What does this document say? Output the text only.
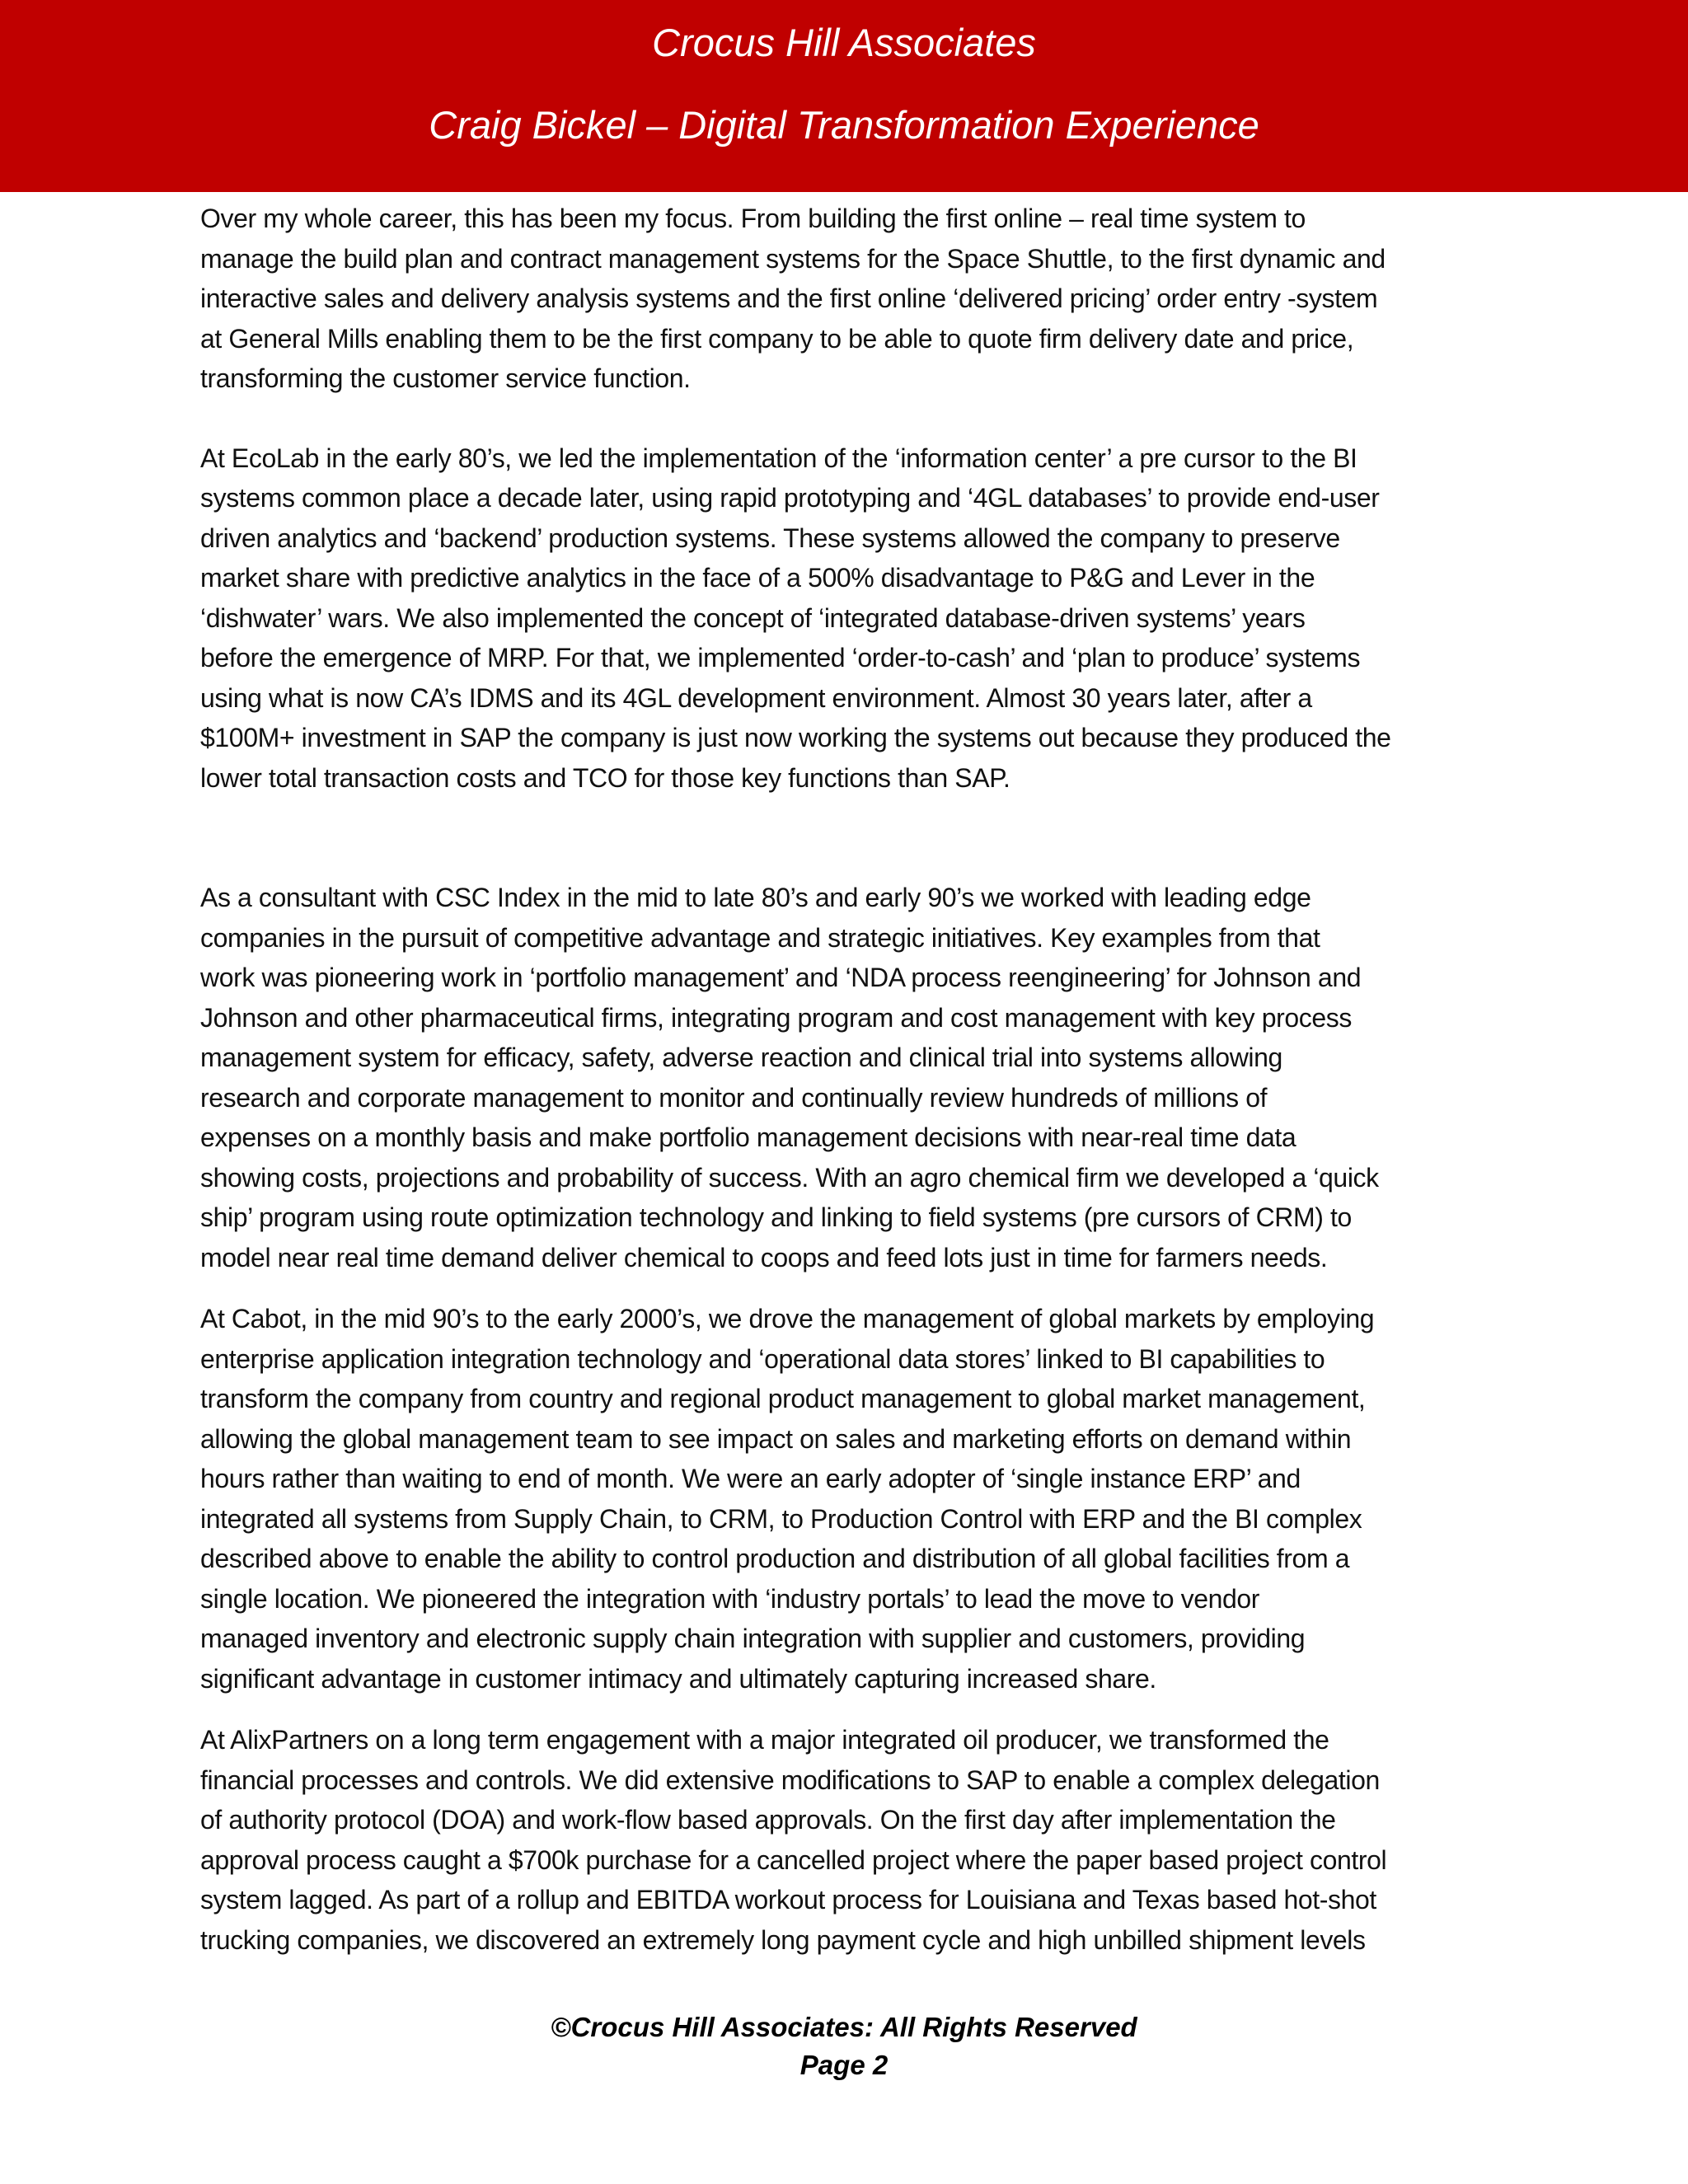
Crocus Hill Associates
Craig Bickel – Digital Transformation Experience

Over my whole career, this has been my focus. From building the first online – real time system to
manage the build plan and contract management systems for the Space Shuttle, to the first dynamic and
interactive sales and delivery analysis systems and the first online ‘delivered pricing’ order entry -system
at General Mills enabling them to be the first company to be able to quote firm delivery date and price,
transforming the customer service function.

At EcoLab in the early 80’s, we led the implementation of the ‘information center’ a pre cursor to the BI
systems common place a decade later, using rapid prototyping and ‘4GL databases’ to provide end-user
driven analytics and ‘backend’ production systems. These systems allowed the company to preserve
market share with predictive analytics in the face of a 500% disadvantage to P&G and Lever in the
‘dishwater’ wars. We also implemented the concept of ‘integrated database-driven systems’ years
before the emergence of MRP. For that, we implemented ‘order-to-cash’ and ‘plan to produce’ systems
using what is now CA’s IDMS and its 4GL development environment. Almost 30 years later, after a
$100M+ investment in SAP the company is just now working the systems out because they produced the
lower total transaction costs and TCO for those key functions than SAP.

As a consultant with CSC Index in the mid to late 80’s and early 90’s we worked with leading edge
companies in the pursuit of competitive advantage and strategic initiatives. Key examples from that
work was pioneering work in ‘portfolio management’ and ‘NDA process reengineering’ for Johnson and
Johnson and other pharmaceutical firms, integrating program and cost management with key process
management system for efficacy, safety, adverse reaction and clinical trial into systems allowing
research and corporate management to monitor and continually review hundreds of millions of
expenses on a monthly basis and make portfolio management decisions with near-real time data
showing costs, projections and probability of success. With an agro chemical firm we developed a ‘quick
ship’ program using route optimization technology and linking to field systems (pre cursors of CRM) to
model near real time demand deliver chemical to coops and feed lots just in time for farmers needs.

At Cabot, in the mid 90’s to the early 2000’s, we drove the management of global markets by employing
enterprise application integration technology and ‘operational data stores’ linked to BI capabilities to
transform the company from country and regional product management to global market management,
allowing the global management team to see impact on sales and marketing efforts on demand within
hours rather than waiting to end of month. We were an early adopter of ‘single instance ERP’ and
integrated all systems from Supply Chain, to CRM, to Production Control with ERP and the BI complex
described above to enable the ability to control production and distribution of all global facilities from a
single location. We pioneered the integration with ‘industry portals’ to lead the move to vendor
managed inventory and electronic supply chain integration with supplier and customers, providing
significant advantage in customer intimacy and ultimately capturing increased share.

At AlixPartners on a long term engagement with a major integrated oil producer, we transformed the
financial processes and controls. We did extensive modifications to SAP to enable a complex delegation
of authority protocol (DOA) and work-flow based approvals. On the first day after implementation the
approval process caught a $700k purchase for a cancelled project where the paper based project control
system lagged. As part of a rollup and EBITDA workout process for Louisiana and Texas based hot-shot
trucking companies, we discovered an extremely long payment cycle and high unbilled shipment levels

©Crocus Hill Associates: All Rights Reserved
Page 2
